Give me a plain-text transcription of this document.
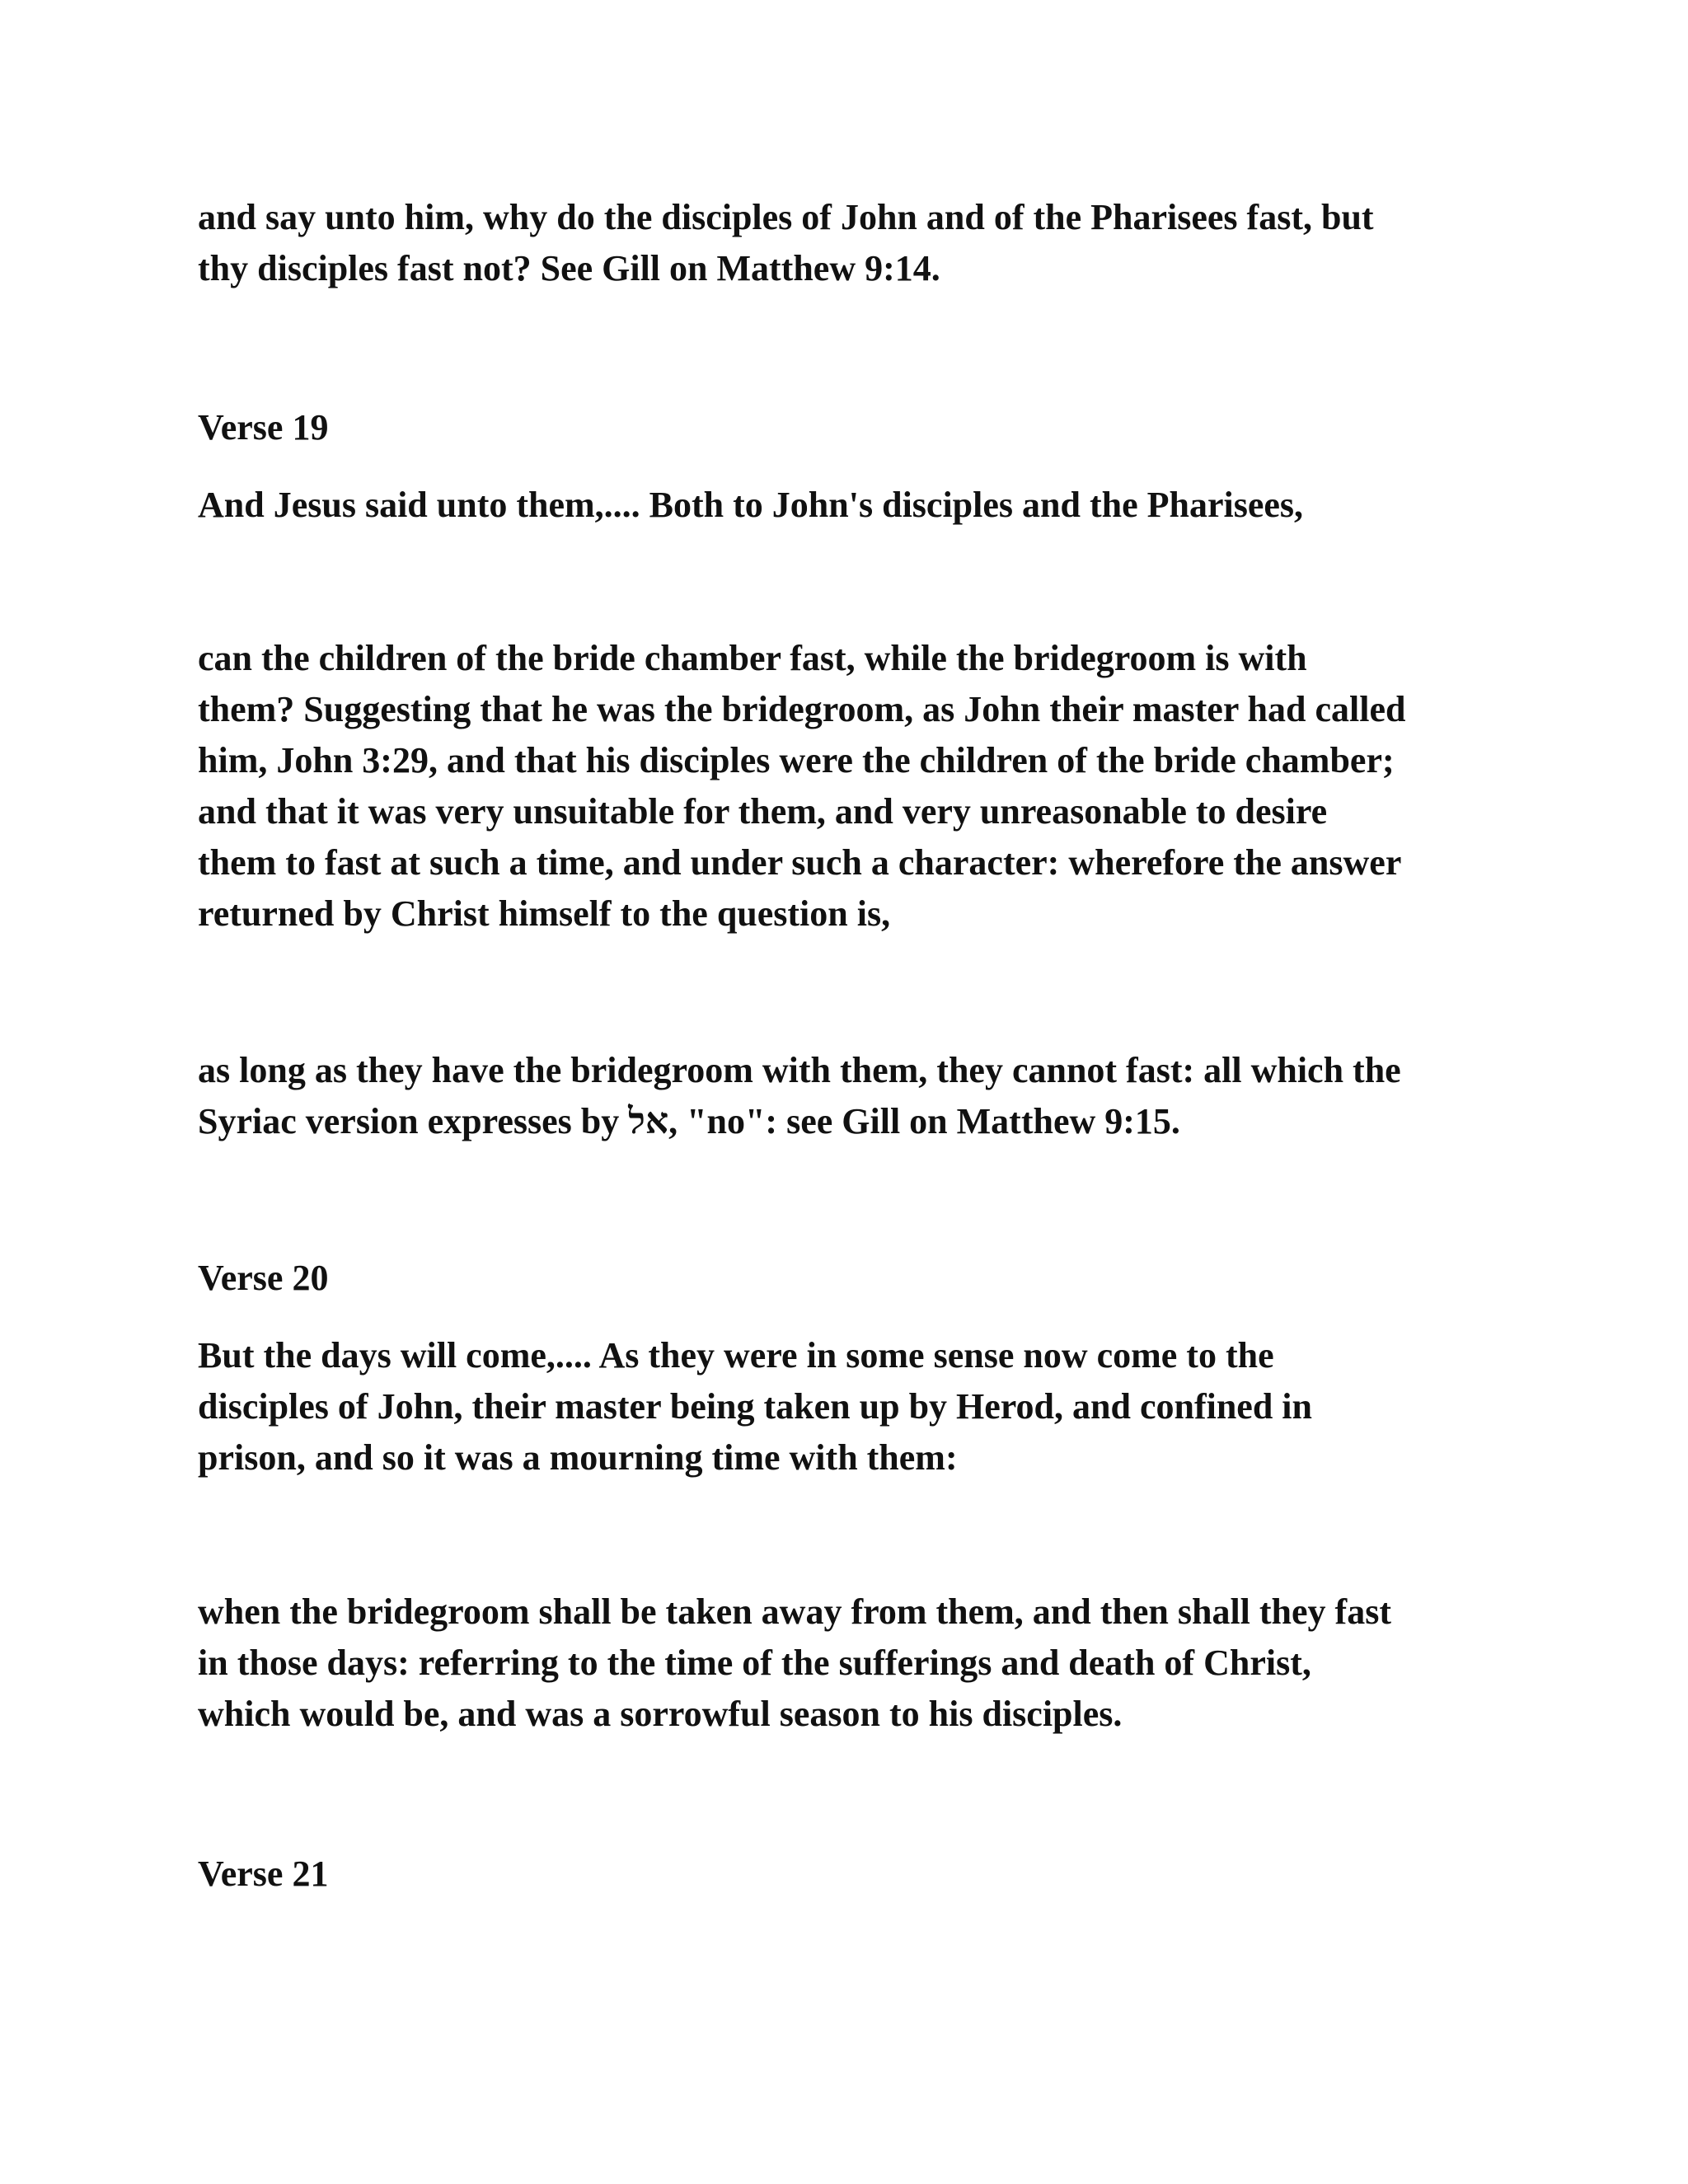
and say unto him, why do the disciples of John and of the Pharisees fast, but
thy disciples fast not? See Gill on Matthew 9:14.

Verse 19

And Jesus said unto them,.... Both to John's disciples and the Pharisees,

can the children of the bride chamber fast, while the bridegroom is with
them? Suggesting that he was the bridegroom, as John their master had called
him, John 3:29, and that his disciples were the children of the bride chamber;
and that it was very unsuitable for them, and very unreasonable to desire
them to fast at such a time, and under such a character: wherefore the answer
returned by Christ himself to the question is,

as long as they have the bridegroom with them, they cannot fast: all which the
Syriac version expresses by אל, "no": see Gill on Matthew 9:15.

Verse 20

But the days will come,.... As they were in some sense now come to the
disciples of John, their master being taken up by Herod, and confined in
prison, and so it was a mourning time with them:

when the bridegroom shall be taken away from them, and then shall they fast
in those days: referring to the time of the sufferings and death of Christ,
which would be, and was a sorrowful season to his disciples.

Verse 21
